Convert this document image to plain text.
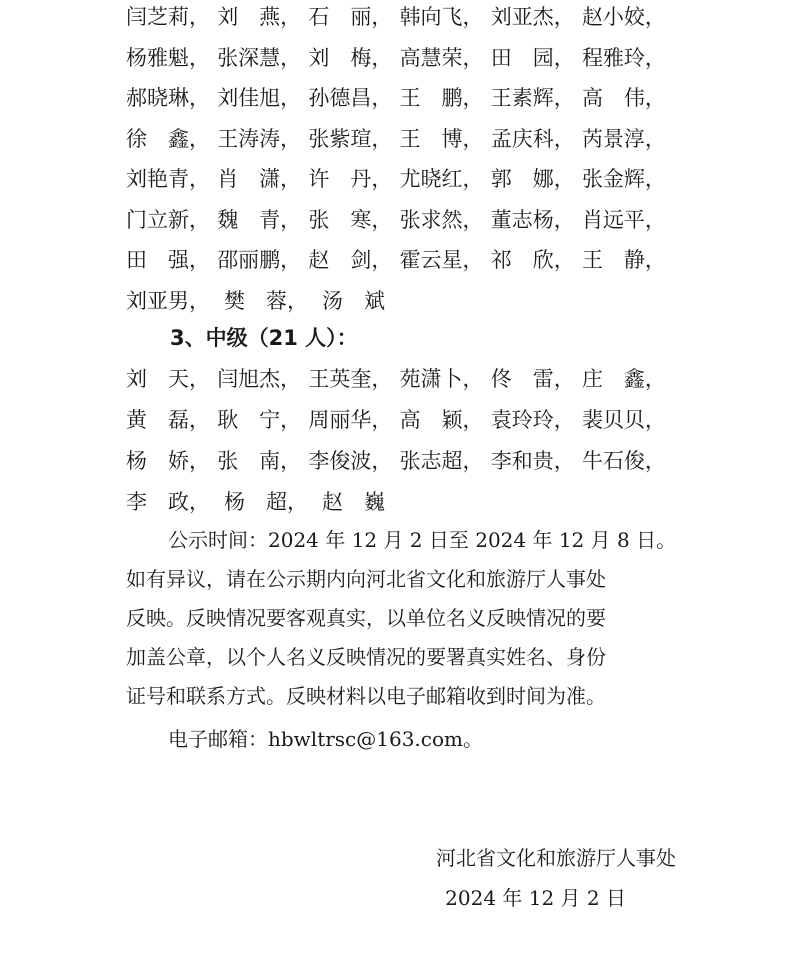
闫芝莉， 刘　燕， 石　丽， 韩向飞， 刘亚杰， 赵小姣，
杨雅魁， 张深慧， 刘　梅， 高慧荣， 田　园， 程雅玲，
郝晓琳， 刘佳旭， 孙德昌， 王　鹏， 王素辉， 高　伟，
徐　鑫， 王涛涛， 张紫瑄， 王　博， 孟庆科， 芮景淳，
刘艳青， 肖　潇， 许　丹， 尤晓红， 郭　娜， 张金辉，
门立新， 魏　青， 张　寒， 张求然， 董志杨， 肖远平，
田　强， 邵丽鹏， 赵　剑， 霍云星， 祁　欣， 王　静，
刘亚男， 樊　蓉， 汤　斌
3、中级（21 人）：
刘　天， 闫旭杰， 王英奎， 苑潇卜， 佟　雷， 庄　鑫，
黄　磊， 耿　宁， 周丽华， 高　颖， 袁玲玲， 裴贝贝，
杨　娇， 张　南， 李俊波， 张志超， 李和贵， 牛石俊，
李　政， 杨　超， 赵　巍
公示时间：2024 年 12 月 2 日至 2024 年 12 月 8 日。
如有异议，请在公示期内向河北省文化和旅游厅人事处
反映。反映情况要客观真实，以单位名义反映情况的要
加盖公章，以个人名义反映情况的要署真实姓名、身份
证号和联系方式。反映材料以电子邮箱收到时间为准。
电子邮箱：hbwltrsc@163.com。
河北省文化和旅游厅人事处
2024 年 12 月 2 日
